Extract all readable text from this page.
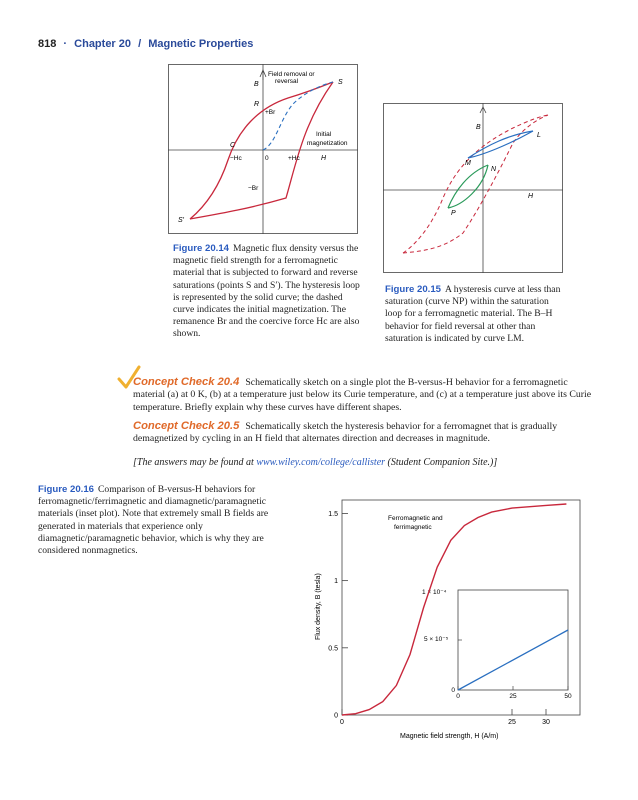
818 · Chapter 20 / Magnetic Properties
Field removal or
reversal
B	S
R
+Br
Initial
magnetization
C
−Hc	0	+Hc	H
−Br
S′
Figure 20.14 Magnetic flux density versus the magnetic field strength for a ferromagnetic material that is subjected to forward and reverse saturations (points S and S′). The hysteresis loop is represented by the solid curve; the dashed curve indicates the initial magnetization. The remanence Br and the coercive force Hc are also shown.
B
L
M
N
H
P
Figure 20.15 A hysteresis curve at less than saturation (curve NP) within the saturation loop for a ferromagnetic material. The B–H behavior for field reversal at other than saturation is indicated by curve LM.
Concept Check 20.4 Schematically sketch on a single plot the B-versus-H behavior for a ferromagnetic material (a) at 0 K, (b) at a temperature just below its Curie temperature, and (c) at a temperature just above its Curie temperature. Briefly explain why these curves have different shapes.
Concept Check 20.5 Schematically sketch the hysteresis behavior for a ferromagnet that is gradually demagnetized by cycling in an H field that alternates direction and decreases in magnitude.
[The answers may be found at www.wiley.com/college/callister (Student Companion Site.)]
Figure 20.16 Comparison of B-versus-H behaviors for ferromagnetic/ferrimagnetic and diamagnetic/paramagnetic materials (inset plot). Note that extremely small B fields are generated in materials that experience only diamagnetic/paramagnetic behavior, which is why they are considered nonmagnetics.
Flux density, B (tesla)
Magnetic field strength, H (A/m)
Ferromagnetic and
ferrimagnetic
1 × 10⁻⁴
5 × 10⁻⁵
0
0.5
1
1.5
0	25	30
0	25	50
0
